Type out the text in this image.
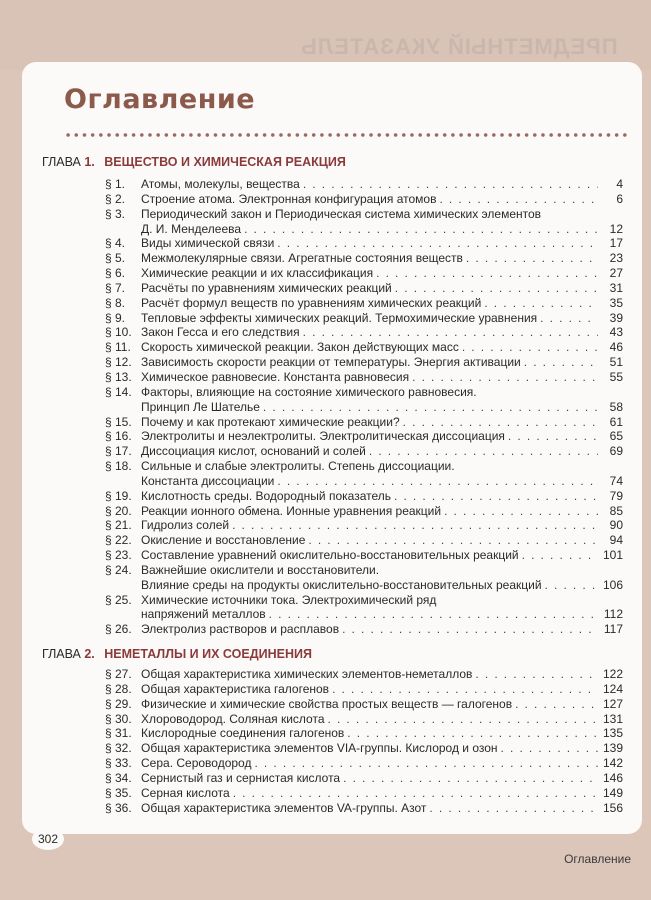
ПРЕДМЕТНЫЙ УКАЗАТЕЛЬ
Оглавление
ГЛАВА 1. ВЕЩЕСТВО И ХИМИЧЕСКАЯ РЕАКЦИЯ
§ 1.	Атомы, молекулы, вещества . . .	4
§ 2.	Строение атома. Электронная конфигурация атомов . . .	6
§ 3.	Периодический закон и Периодическая система химических элементов
Д. И. Менделеева . . .	12
§ 4.	Виды химической связи . . .	17
§ 5.	Межмолекулярные связи. Агрегатные состояния веществ . . .	23
§ 6.	Химические реакции и их классификация . . .	27
§ 7.	Расчёты по уравнениям химических реакций . . .	31
§ 8.	Расчёт формул веществ по уравнениям химических реакций . . .	35
§ 9.	Тепловые эффекты химических реакций. Термохимические уравнения . . .	39
§ 10. Закон Гесса и его следствия . . .	43
§ 11. Скорость химической реакции. Закон действующих масс . . .	46
§ 12. Зависимость скорости реакции от температуры. Энергия активации . . .	51
§ 13. Химическое равновесие. Константа равновесия . . .	55
§ 14. Факторы, влияющие на состояние химического равновесия.
Принцип Ле Шателье . . .	58
§ 15. Почему и как протекают химические реакции? . . .	61
§ 16. Электролиты и неэлектролиты. Электролитическая диссоциация . . .	65
§ 17. Диссоциация кислот, оснований и солей . . .	69
§ 18. Сильные и слабые электролиты. Степень диссоциации.
Константа диссоциации . . .	74
§ 19. Кислотность среды. Водородный показатель . . .	79
§ 20. Реакции ионного обмена. Ионные уравнения реакций . . .	85
§ 21. Гидролиз солей . . .	90
§ 22. Окисление и восстановление . . .	94
§ 23. Составление уравнений окислительно-восстановительных реакций . . .	101
§ 24. Важнейшие окислители и восстановители.
Влияние среды на продукты окислительно-восстановительных реакций . . .	106
§ 25. Химические источники тока. Электрохимический ряд
напряжений металлов . . .	112
§ 26. Электролиз растворов и расплавов . . .	117
ГЛАВА 2. НЕМЕТАЛЛЫ И ИХ СОЕДИНЕНИЯ
§ 27. Общая характеристика химических элементов-неметаллов . . .	122
§ 28. Общая характеристика галогенов . . .	124
§ 29. Физические и химические свойства простых веществ — галогенов . . .	127
§ 30. Хлороводород. Соляная кислота . . .	131
§ 31. Кислородные соединения галогенов . . .	135
§ 32. Общая характеристика элементов VIA-группы. Кислород и озон . . .	139
§ 33. Сера. Сероводород . . .	142
§ 34. Сернистый газ и сернистая кислота . . .	146
§ 35. Серная кислота . . .	149
§ 36. Общая характеристика элементов VA-группы. Азот . . .	156
302
Оглавление
